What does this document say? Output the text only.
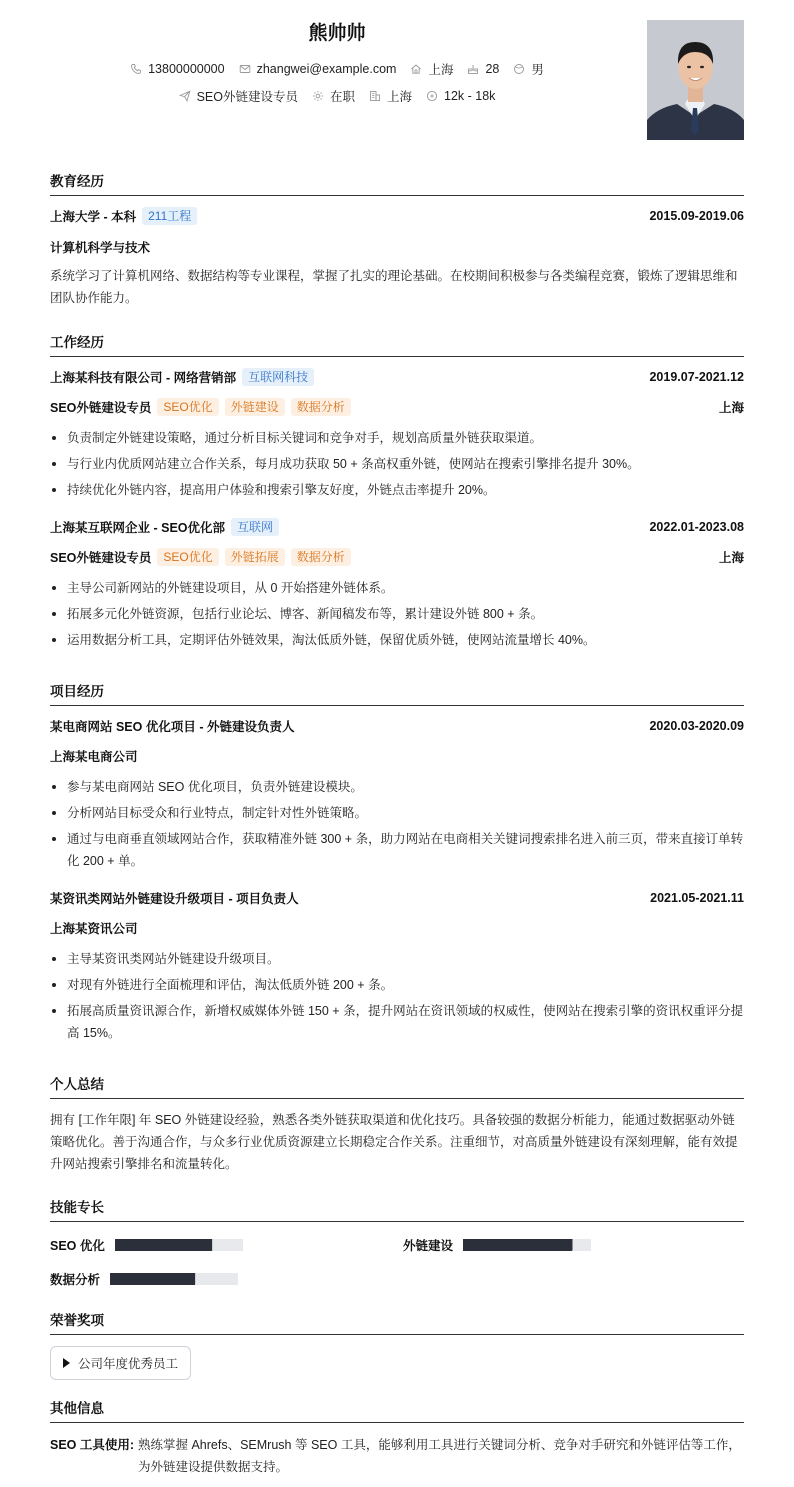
熊帅帅
13800000000	zhangwei@example.com	上海	28	男
SEO外链建设专员	在职	上海	12k - 18k
教育经历
上海大学 - 本科	211工程	2015.09-2019.06
计算机科学与技术
系统学习了计算机网络、数据结构等专业课程，掌握了扎实的理论基础。在校期间积极参与各类编程竞赛，锻炼了逻辑思维和团队协作能力。
工作经历
上海某科技有限公司 - 网络营销部	互联网科技	2019.07-2021.12
SEO外链建设专员	SEO优化	外链建设	数据分析	上海
负责制定外链建设策略，通过分析目标关键词和竞争对手，规划高质量外链获取渠道。
与行业内优质网站建立合作关系，每月成功获取 50 + 条高权重外链，使网站在搜索引擎排名提升 30%。
持续优化外链内容，提高用户体验和搜索引擎友好度，外链点击率提升 20%。
上海某互联网企业 - SEO优化部	互联网	2022.01-2023.08
SEO外链建设专员	SEO优化	外链拓展	数据分析	上海
主导公司新网站的外链建设项目，从 0 开始搭建外链体系。
拓展多元化外链资源，包括行业论坛、博客、新闻稿发布等，累计建设外链 800 + 条。
运用数据分析工具，定期评估外链效果，淘汰低质外链，保留优质外链，使网站流量增长 40%。
项目经历
某电商网站 SEO 优化项目 - 外链建设负责人	2020.03-2020.09
上海某电商公司
参与某电商网站 SEO 优化项目，负责外链建设模块。
分析网站目标受众和行业特点，制定针对性外链策略。
通过与电商垂直领域网站合作，获取精准外链 300 + 条，助力网站在电商相关关键词搜索排名进入前三页，带来直接订单转化 200 + 单。
某资讯类网站外链建设升级项目 - 项目负责人	2021.05-2021.11
上海某资讯公司
主导某资讯类网站外链建设升级项目。
对现有外链进行全面梳理和评估，淘汰低质外链 200 + 条。
拓展高质量资讯源合作，新增权威媒体外链 150 + 条，提升网站在资讯领域的权威性，使网站在搜索引擎的资讯权重评分提高 15%。
个人总结
拥有 [工作年限] 年 SEO 外链建设经验，熟悉各类外链获取渠道和优化技巧。具备较强的数据分析能力，能通过数据驱动外链策略优化。善于沟通合作，与众多行业优质资源建立长期稳定合作关系。注重细节，对高质量外链建设有深刻理解，能有效提升网站搜索引擎排名和流量转化。
技能专长
SEO 优化	外链建设
数据分析
荣誉奖项
公司年度优秀员工
其他信息
SEO 工具使用: 熟练掌握 Ahrefs、SEMrush 等 SEO 工具，能够利用工具进行关键词分析、竞争对手研究和外链评估等工作，为外链建设提供数据支持。
